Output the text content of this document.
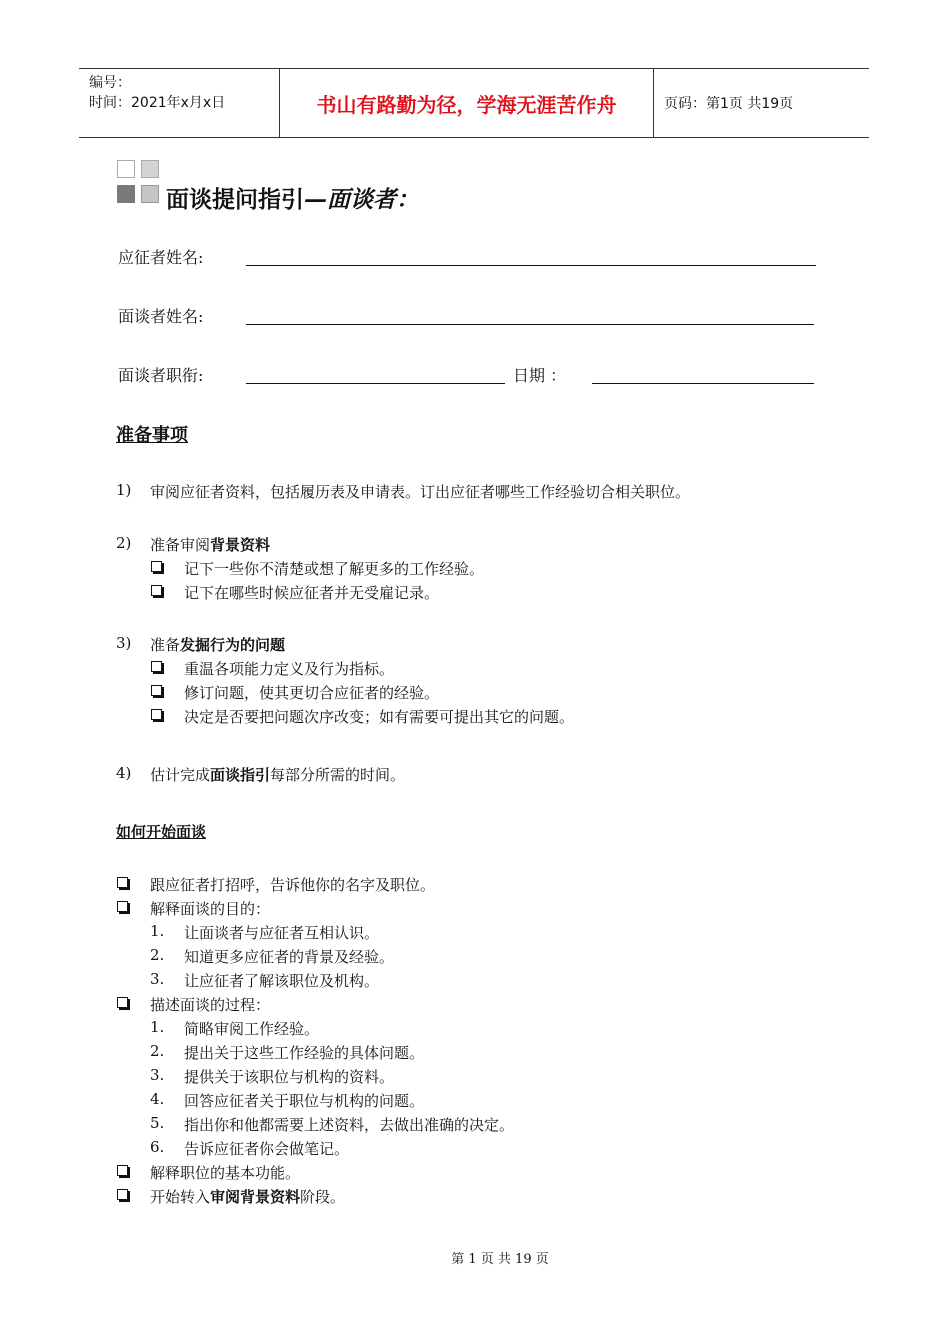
编号：
时间：2021年x月x日	书山有路勤为径，学海无涯苦作舟	页码：第1页 共19页
面谈提问指引—面谈者：
应征者姓名:
面谈者姓名:
面谈者职衔:	日期 ：
准备事项
1) 审阅应征者资料，包括履历表及申请表。订出应征者哪些工作经验切合相关职位。
2) 准备审阅背景资料
记下一些你不清楚或想了解更多的工作经验。
记下在哪些时候应征者并无受雇记录。
3) 准备发掘行为的问题
重温各项能力定义及行为指标。
修订问题，使其更切合应征者的经验。
决定是否要把问题次序改变；如有需要可提出其它的问题。
4) 估计完成面谈指引每部分所需的时间。
如何开始面谈
跟应征者打招呼，告诉他你的名字及职位。
解释面谈的目的：
1. 让面谈者与应征者互相认识。
2. 知道更多应征者的背景及经验。
3. 让应征者了解该职位及机构。
描述面谈的过程：
1. 简略审阅工作经验。
2. 提出关于这些工作经验的具体问题。
3. 提供关于该职位与机构的资料。
4. 回答应征者关于职位与机构的问题。
5. 指出你和他都需要上述资料，去做出准确的决定。
6. 告诉应征者你会做笔记。
解释职位的基本功能。
开始转入审阅背景资料阶段。
第 1 页 共 19 页
